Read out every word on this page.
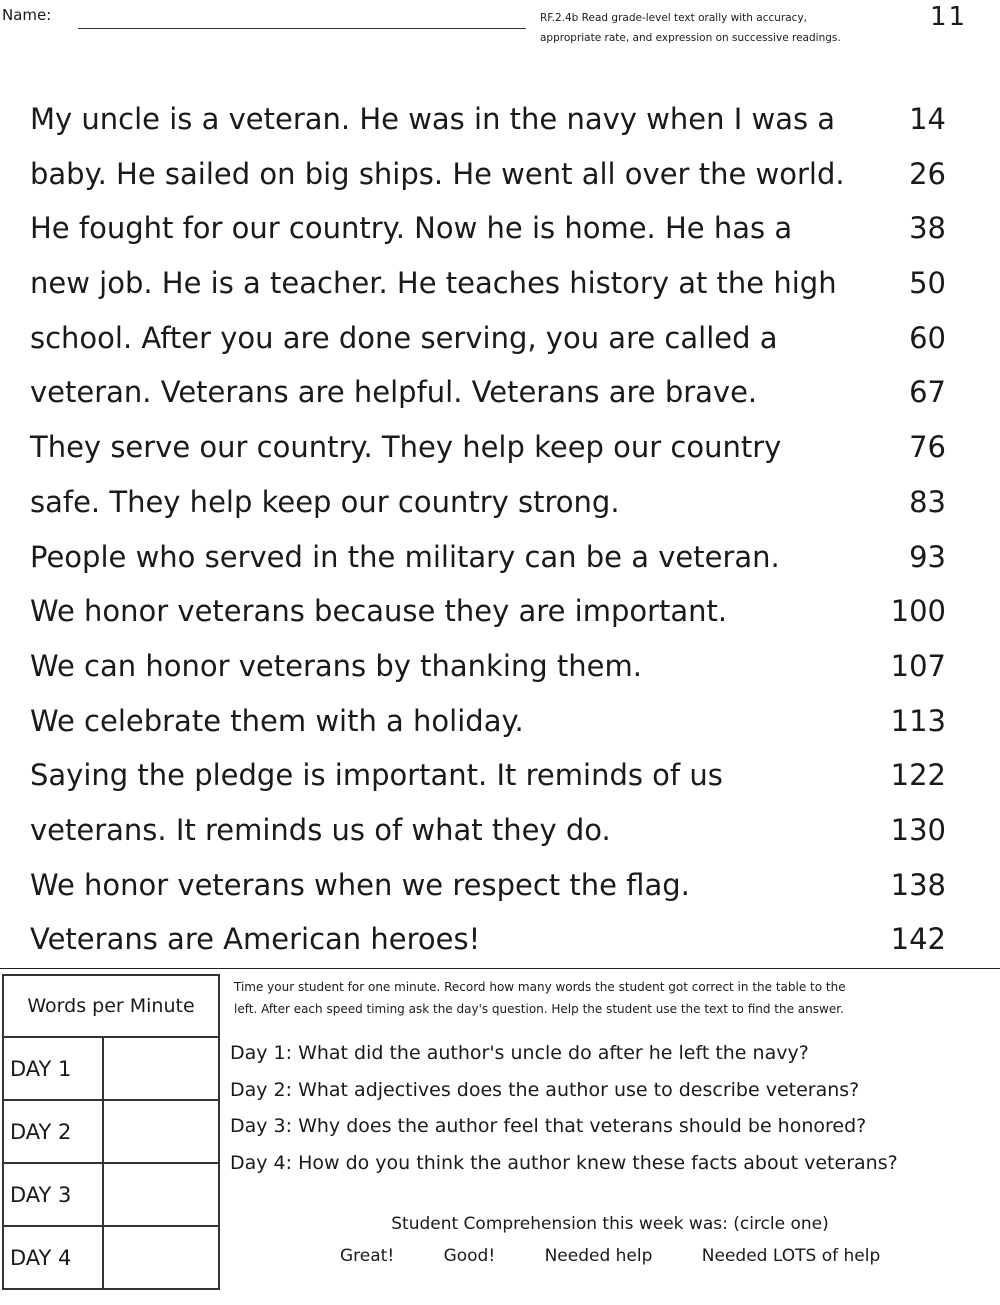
Name:	RF.2.4b Read grade-level text orally with accuracy,
appropriate rate, and expression on successive readings.
11
My uncle is a veteran. He was in the navy when I was a	14
baby. He sailed on big ships. He went all over the world. 26
He fought for our country. Now he is home. He has a	38
new job. He is a teacher. He teaches history at the high	50
school. After you are done serving, you are called a	60
veteran. Veterans are helpful. Veterans are brave.	67
They serve our country. They help keep our country	76
safe. They help keep our country strong.	83
People who served in the military can be a veteran.	93
We honor veterans because they are important.	100
We can honor veterans by thanking them.	107
We celebrate them with a holiday.	113
Saying the pledge is important. It reminds of us	122
veterans. It reminds us of what they do.	130
We honor veterans when we respect the flag.	138
Veterans are American heroes!	142
Words per Minute	
DAY 1	
DAY 2	
DAY 3	
DAY 4	
Time your student for one minute. Record how many words the student got correct in the table to the
left. After each speed timing ask the day's question. Help the student use the text to find the answer.
Day 1: What did the author's uncle do after he left the navy?
Day 2: What adjectives does the author use to describe veterans?
Day 3: Why does the author feel that veterans should be honored?
Day 4: How do you think the author knew these facts about veterans?
Student Comprehension this week was: (circle one)
Great!	Good!	Needed help	Needed LOTS of help
